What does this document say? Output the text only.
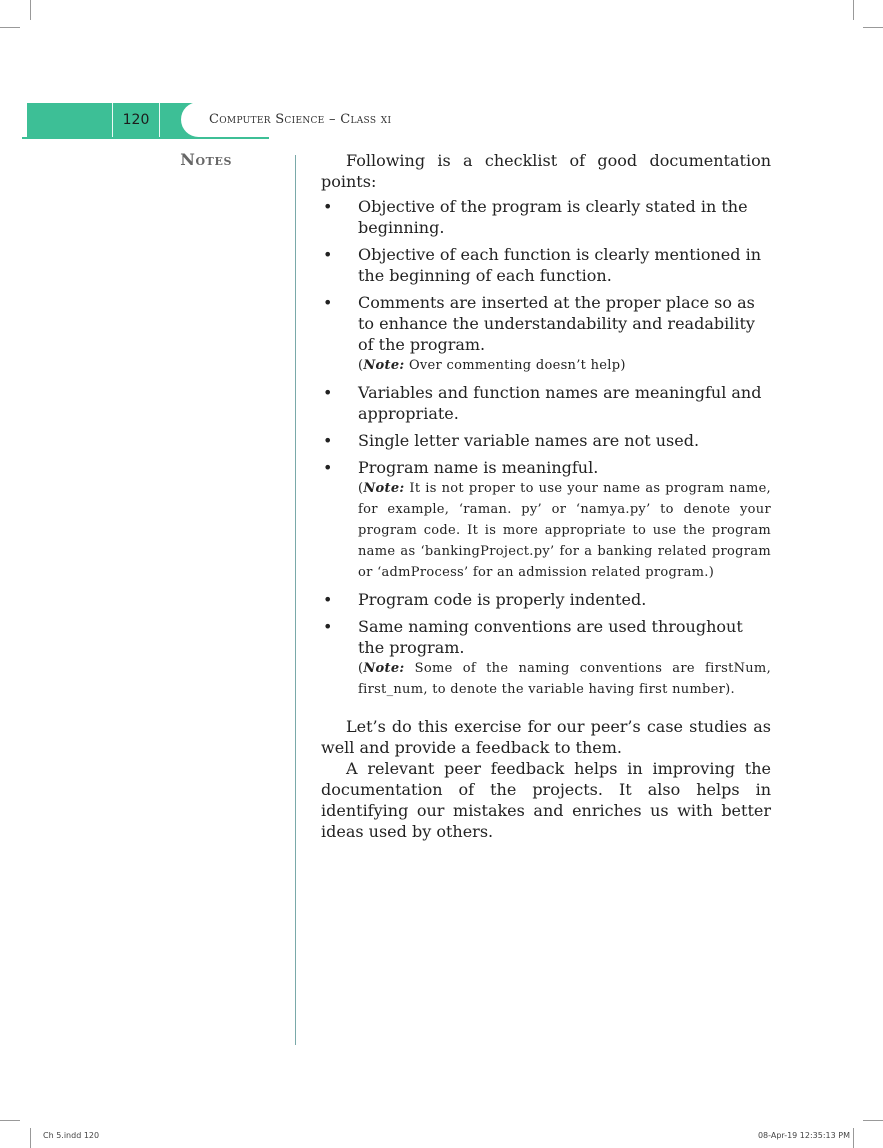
120	Computer Science – Class xi
Notes	Following is a checklist of good documentation points:

• Objective of the program is clearly stated in the beginning.
• Objective of each function is clearly mentioned in the beginning of each function.
• Comments are inserted at the proper place so as to enhance the understandability and readability of the program.
(Note: Over commenting doesn’t help)
• Variables and function names are meaningful and appropriate.
• Single letter variable names are not used.
• Program name is meaningful.
(Note: It is not proper to use your name as program name, for example, ‘raman. py’ or ‘namya.py’ to denote your program code. It is more appropriate to use the program name as ‘bankingProject.py’ for a banking related program or ‘admProcess’ for an admission related program.)
• Program code is properly indented.
• Same naming conventions are used throughout the program.
(Note: Some of the naming conventions are firstNum, first_num, to denote the variable having first number).

Let’s do this exercise for our peer’s case studies as well and provide a feedback to them.

A relevant peer feedback helps in improving the documentation of the projects. It also helps in identifying our mistakes and enriches us with better ideas used by others.

Ch 5.indd 120	08-Apr-19 12:35:13 PM
